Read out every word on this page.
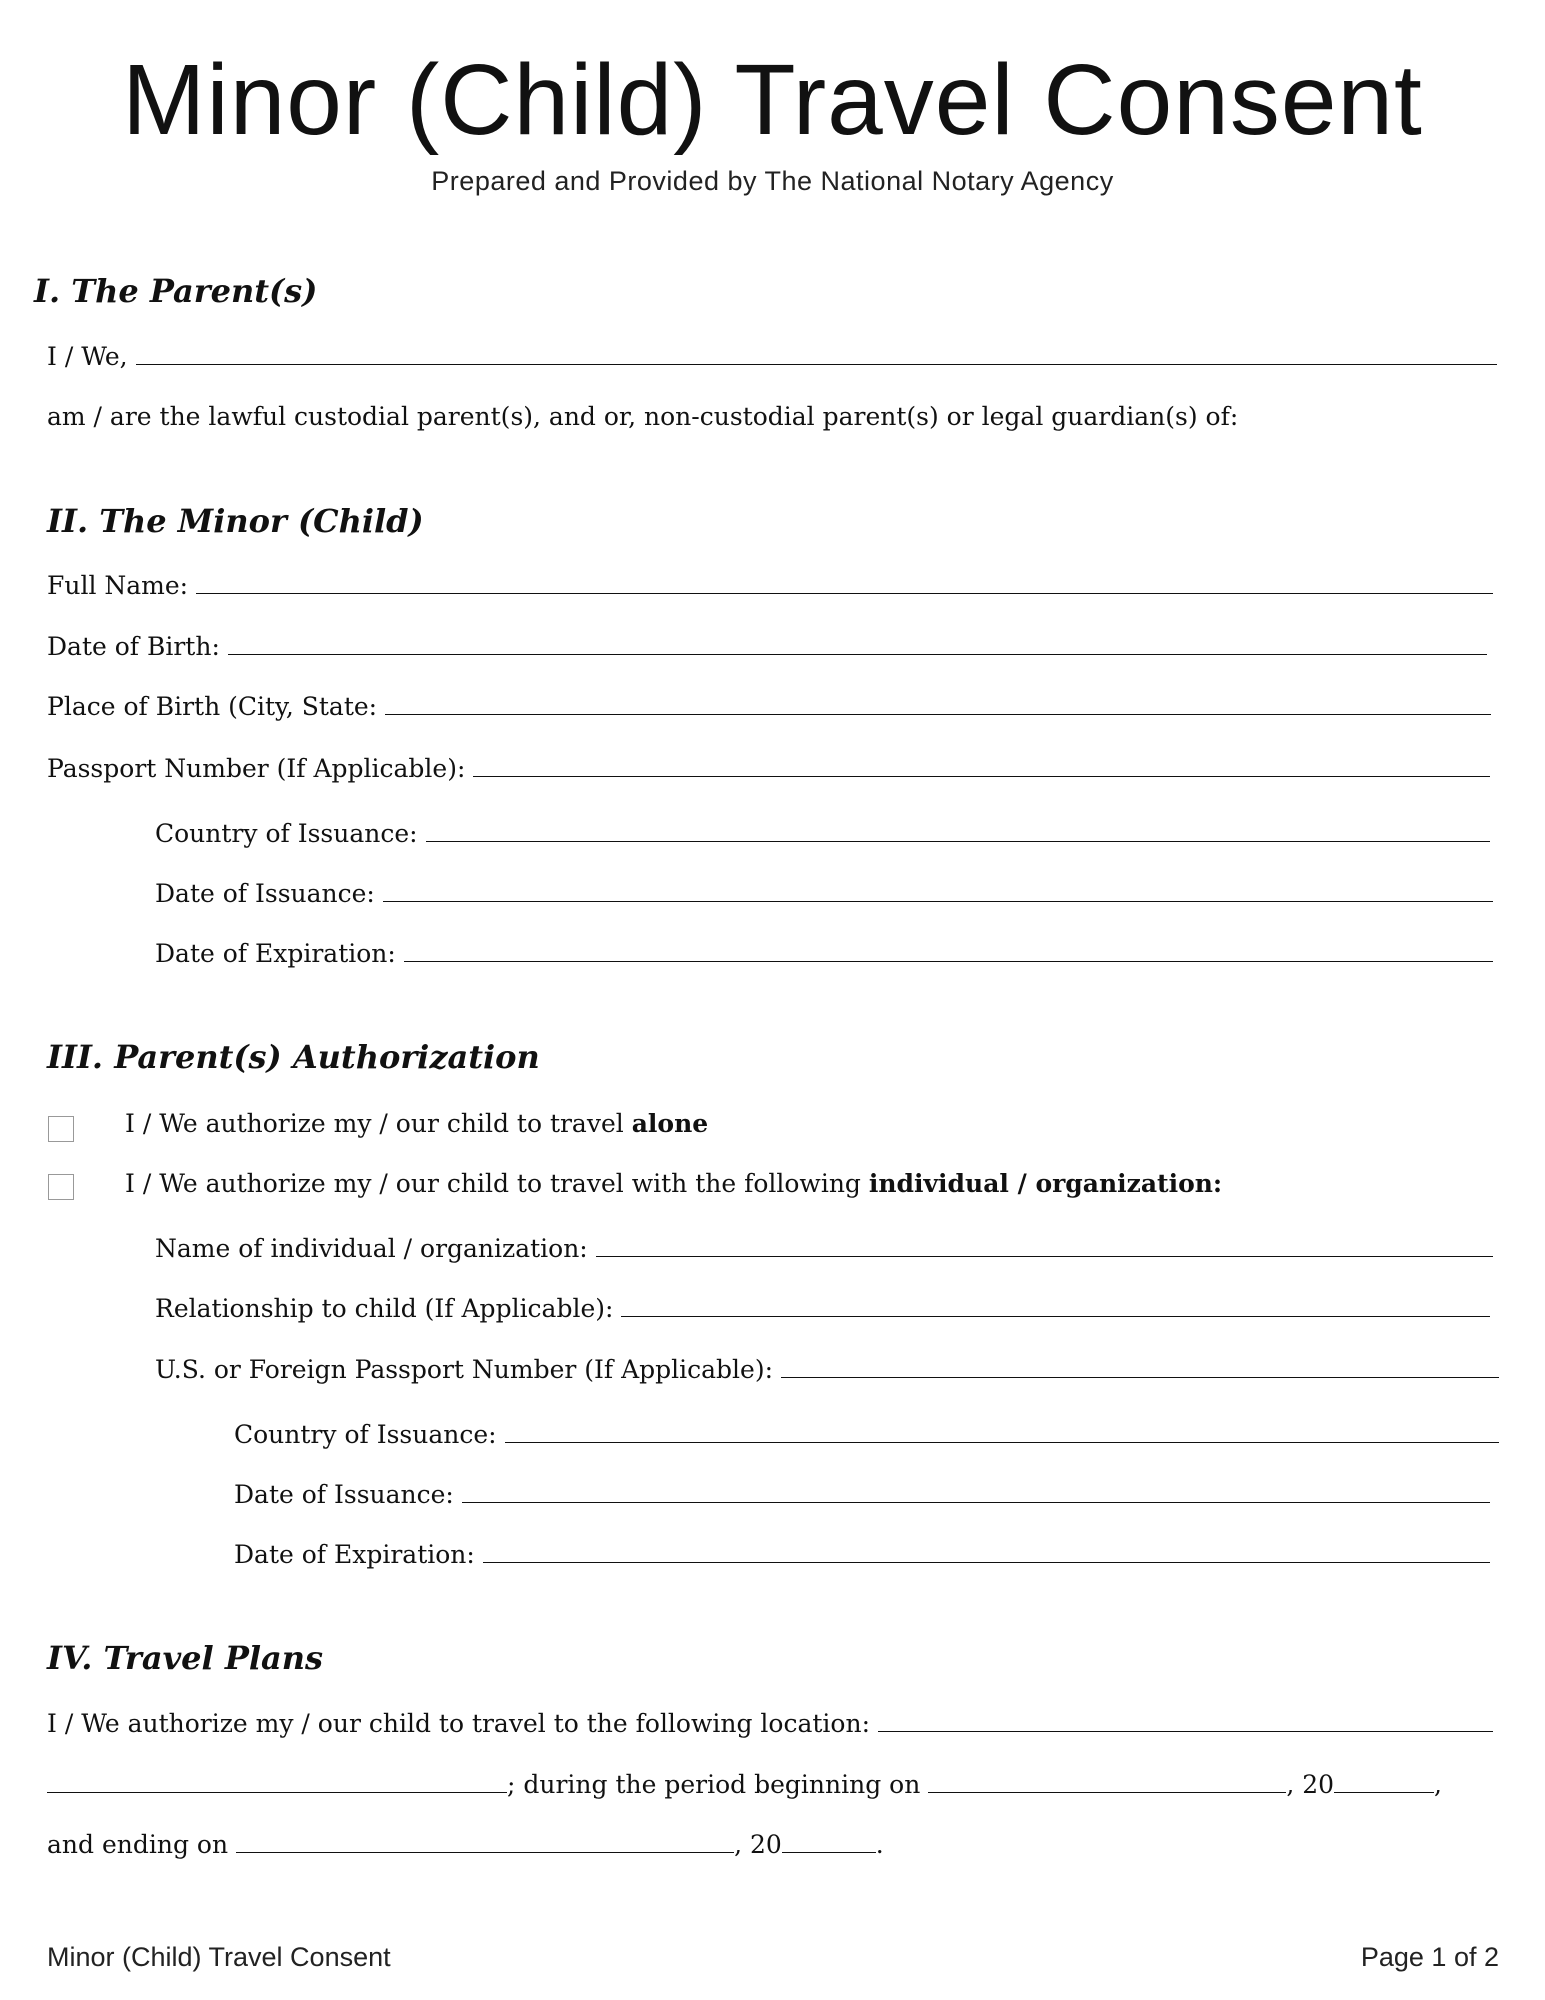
Minor (Child) Travel Consent
Prepared and Provided by The National Notary Agency
I. The Parent(s)
I / We,
am / are the lawful custodial parent(s), and or, non-custodial parent(s) or legal guardian(s) of:
II. The Minor (Child)
Full Name:
Date of Birth:
Place of Birth (City, State:
Passport Number (If Applicable):
Country of Issuance:
Date of Issuance:
Date of Expiration:
III. Parent(s) Authorization
I / We authorize my / our child to travel alone
I / We authorize my / our child to travel with the following individual / organization:
Name of individual / organization:
Relationship to child (If Applicable):
U.S. or Foreign Passport Number (If Applicable):
Country of Issuance:
Date of Issuance:
Date of Expiration:
IV. Travel Plans
I / We authorize my / our child to travel to the following location:
; during the period beginning on	, 20	,
and ending on	, 20	.
Minor (Child) Travel Consent	Page 1 of 2
